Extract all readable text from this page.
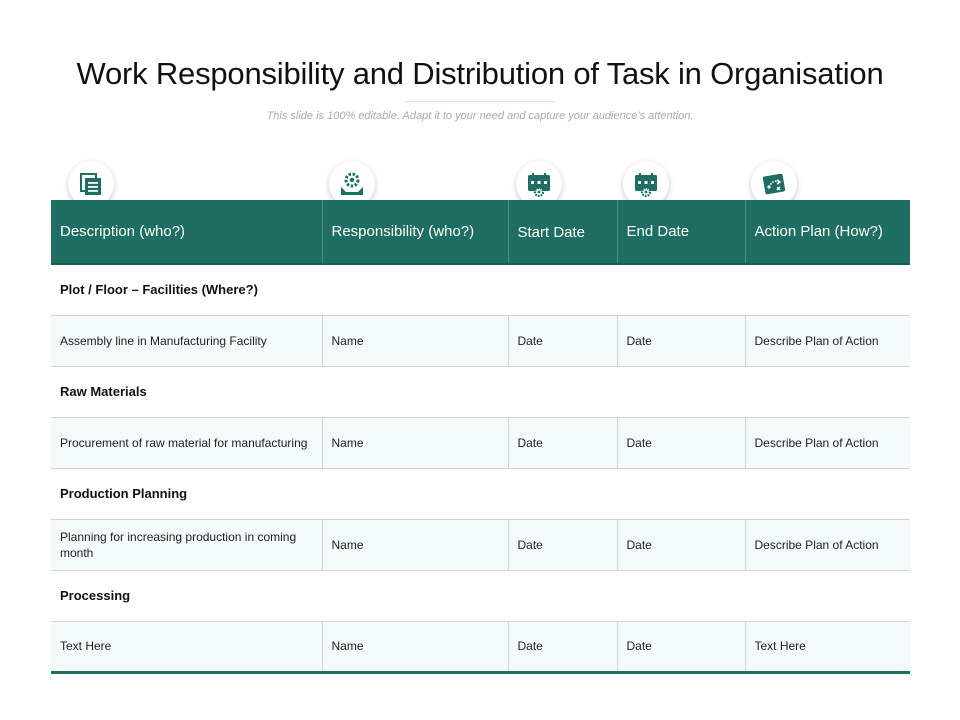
Work Responsibility and Distribution of Task in Organisation

This slide is 100% editable. Adapt it to your need and capture your audience’s attention.

Description (who?)	Responsibility (who?)	Start Date	End Date	Action Plan (How?)
Plot / Floor – Facilities (Where?)				
Assembly line in Manufacturing Facility	Name	Date	Date	Describe Plan of Action
Raw Materials				
Procurement of raw material for manufacturing	Name	Date	Date	Describe Plan of Action
Production Planning				
Planning for increasing production in coming month	Name	Date	Date	Describe Plan of Action
Processing				
Text Here	Name	Date	Date	Text Here
